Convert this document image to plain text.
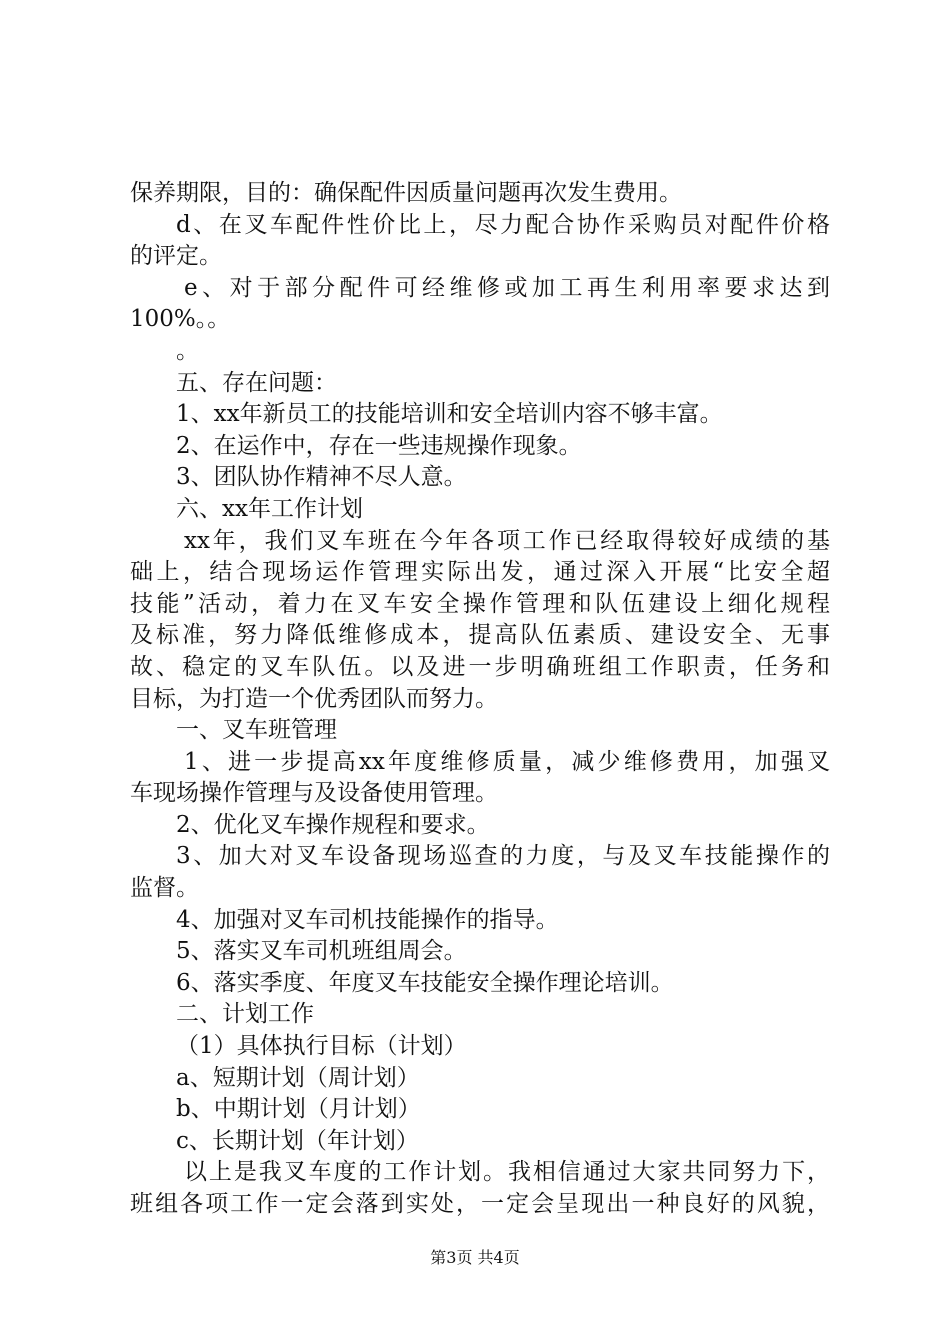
保养期限，目的：确保配件因质量问题再次发生费用。
d、在叉车配件性价比上，尽力配合协作采购员对配件价格
的评定。
e、对于部分配件可经维修或加工再生利用率要求达到
100%。。
。
五、存在问题：
1、xx年新员工的技能培训和安全培训内容不够丰富。
2、在运作中，存在一些违规操作现象。
3、团队协作精神不尽人意。
六、xx年工作计划
xx年，我们叉车班在今年各项工作已经取得较好成绩的基
础上，结合现场运作管理实际出发，通过深入开展“比安全超
技能”活动，着力在叉车安全操作管理和队伍建设上细化规程
及标准，努力降低维修成本，提高队伍素质、建设安全、无事
故、稳定的叉车队伍。以及进一步明确班组工作职责，任务和
目标，为打造一个优秀团队而努力。
一、叉车班管理
1、进一步提高xx年度维修质量，减少维修费用，加强叉
车现场操作管理与及设备使用管理。
2、优化叉车操作规程和要求。
3、加大对叉车设备现场巡查的力度，与及叉车技能操作的
监督。
4、加强对叉车司机技能操作的指导。
5、落实叉车司机班组周会。
6、落实季度、年度叉车技能安全操作理论培训。
二、计划工作
（1）具体执行目标（计划）
a、短期计划（周计划）
b、中期计划（月计划）
c、长期计划（年计划）
以上是我叉车度的工作计划。我相信通过大家共同努力下，
班组各项工作一定会落到实处，一定会呈现出一种良好的风貌，
第3页 共4页
